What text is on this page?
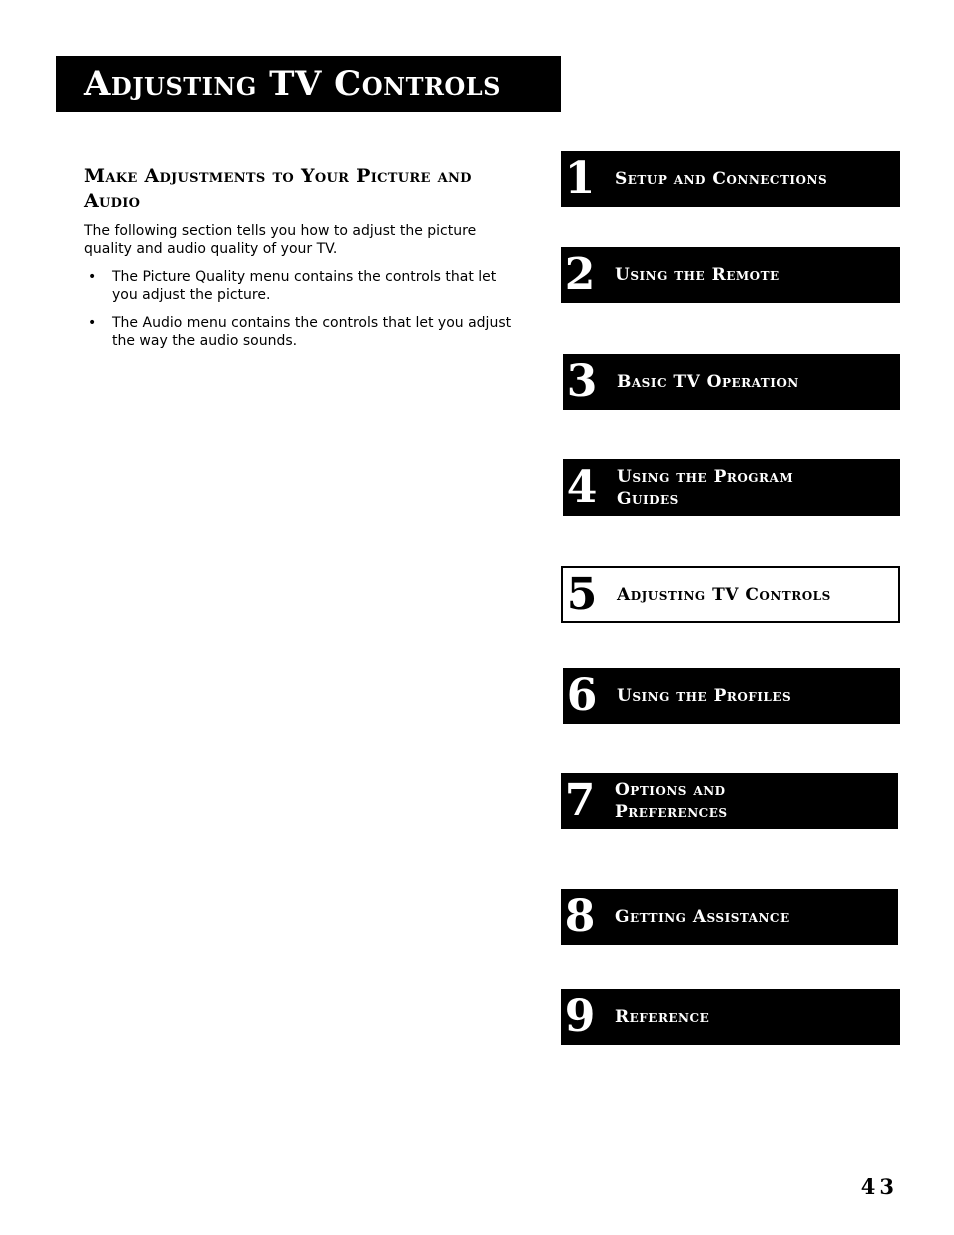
Adjusting TV Controls
Make Adjustments to Your Picture and Audio

The following section tells you how to adjust the picture quality and audio quality of your TV.

• The Picture Quality menu contains the controls that let you adjust the picture.
• The Audio menu contains the controls that let you adjust the way the audio sounds.
1 Setup and Connections
2 Using the Remote
3 Basic TV Operation
4 Using the Program Guides
5 Adjusting TV Controls
6 Using the Profiles
7 Options and Preferences
8 Getting Assistance
9 Reference
43
